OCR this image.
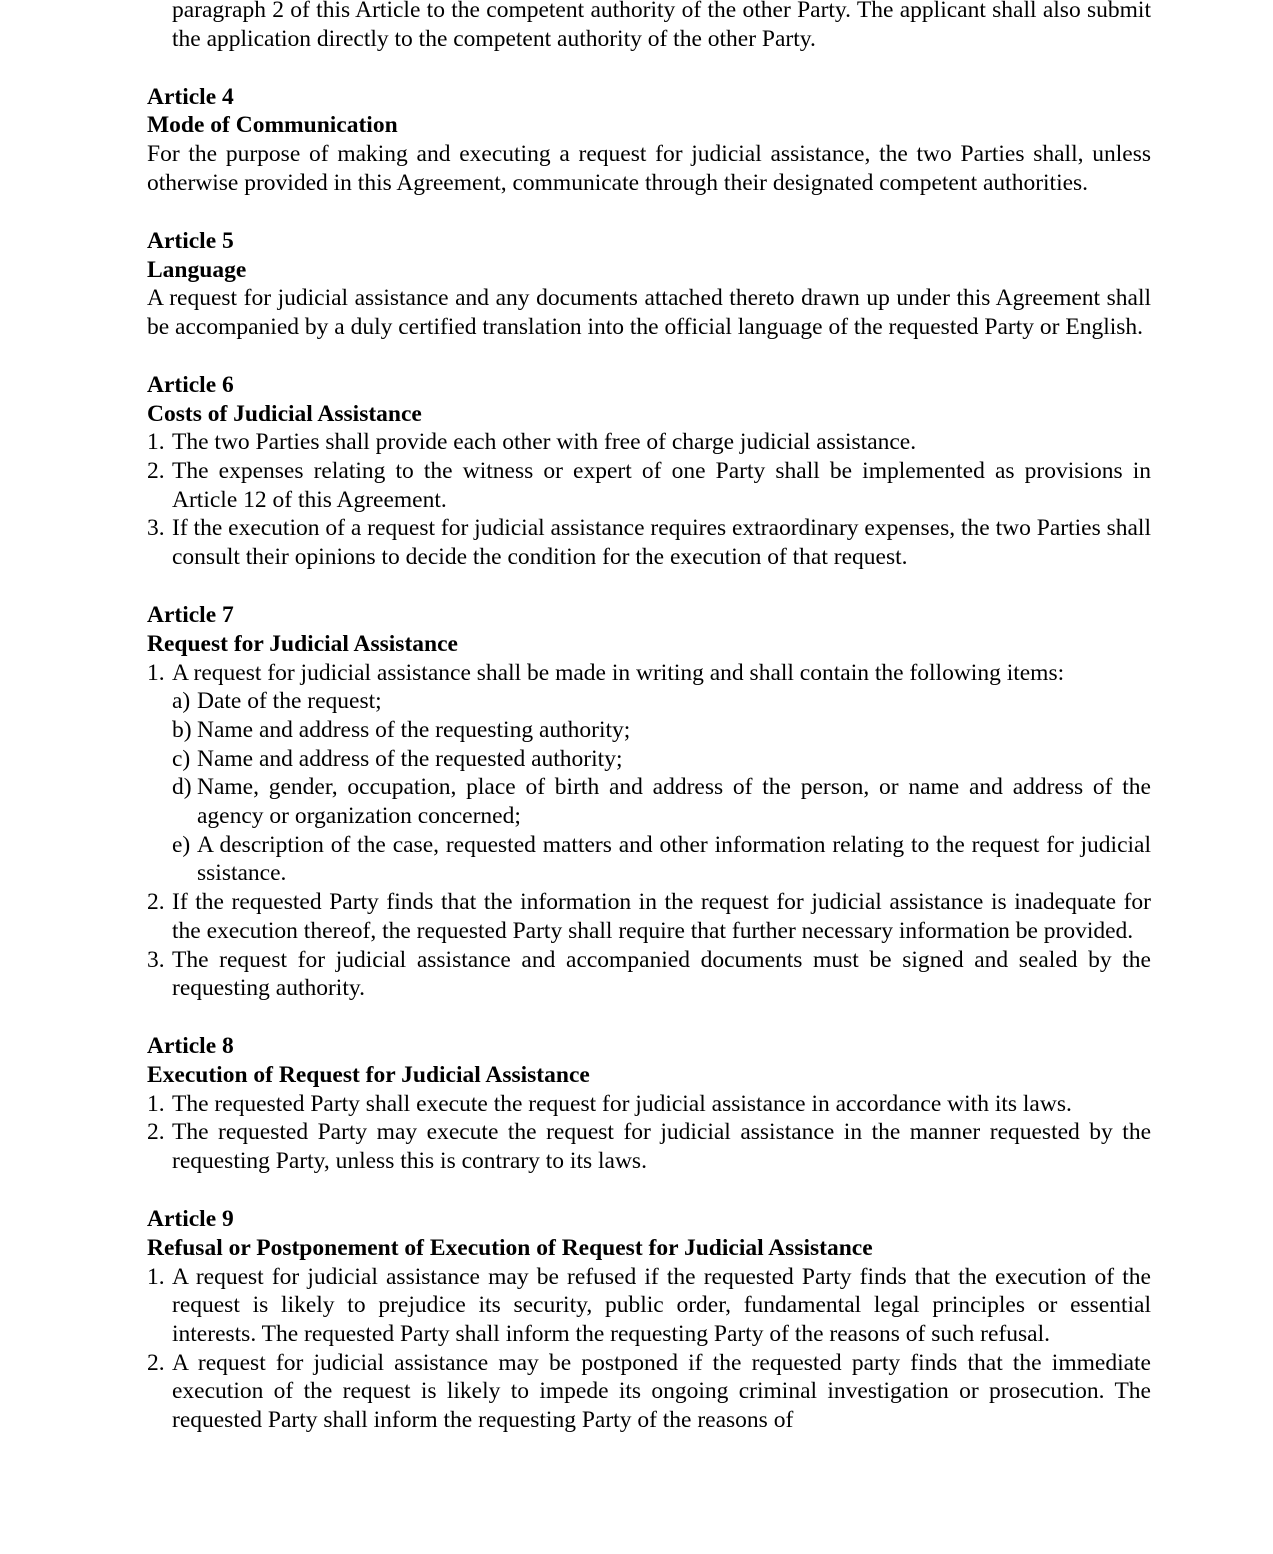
paragraph 2 of this Article to the competent authority of the other Party. The applicant shall also submit the application directly to the competent authority of the other Party.

Article 4

Mode of Communication

For the purpose of making and executing a request for judicial assistance, the two Parties shall, unless otherwise provided in this Agreement, communicate through their designated competent authorities.

Article 5

Language

A request for judicial assistance and any documents attached thereto drawn up under this Agreement shall be accompanied by a duly certified translation into the official language of the requested Party or English.

Article 6

Costs of Judicial Assistance

1. The two Parties shall provide each other with free of charge judicial assistance.

2. The expenses relating to the witness or expert of one Party shall be implemented as provisions in Article 12 of this Agreement.

3. If the execution of a request for judicial assistance requires extraordinary expenses, the two Parties shall consult their opinions to decide the condition for the execution of that request.

Article 7

Request for Judicial Assistance

1. A request for judicial assistance shall be made in writing and shall contain the following items:

a) Date of the request;

b) Name and address of the requesting authority;

c) Name and address of the requested authority;

d) Name, gender, occupation, place of birth and address of the person, or name and address of the agency or organization concerned;

e) A description of the case, requested matters and other information relating to the request for judicial ssistance.

2. If the requested Party finds that the information in the request for judicial assistance is inadequate for the execution thereof, the requested Party shall require that further necessary information be provided.

3. The request for judicial assistance and accompanied documents must be signed and sealed by the requesting authority.

Article 8

Execution of Request for Judicial Assistance

1. The requested Party shall execute the request for judicial assistance in accordance with its laws.

2. The requested Party may execute the request for judicial assistance in the manner requested by the requesting Party, unless this is contrary to its laws.

Article 9

Refusal or Postponement of Execution of Request for Judicial Assistance

1. A request for judicial assistance may be refused if the requested Party finds that the execution of the request is likely to prejudice its security, public order, fundamental legal principles or essential interests. The requested Party shall inform the requesting Party of the reasons of such refusal.

2. A request for judicial assistance may be postponed if the requested party finds that the immediate execution of the request is likely to impede its ongoing criminal investigation or prosecution. The requested Party shall inform the requesting Party of the reasons of
